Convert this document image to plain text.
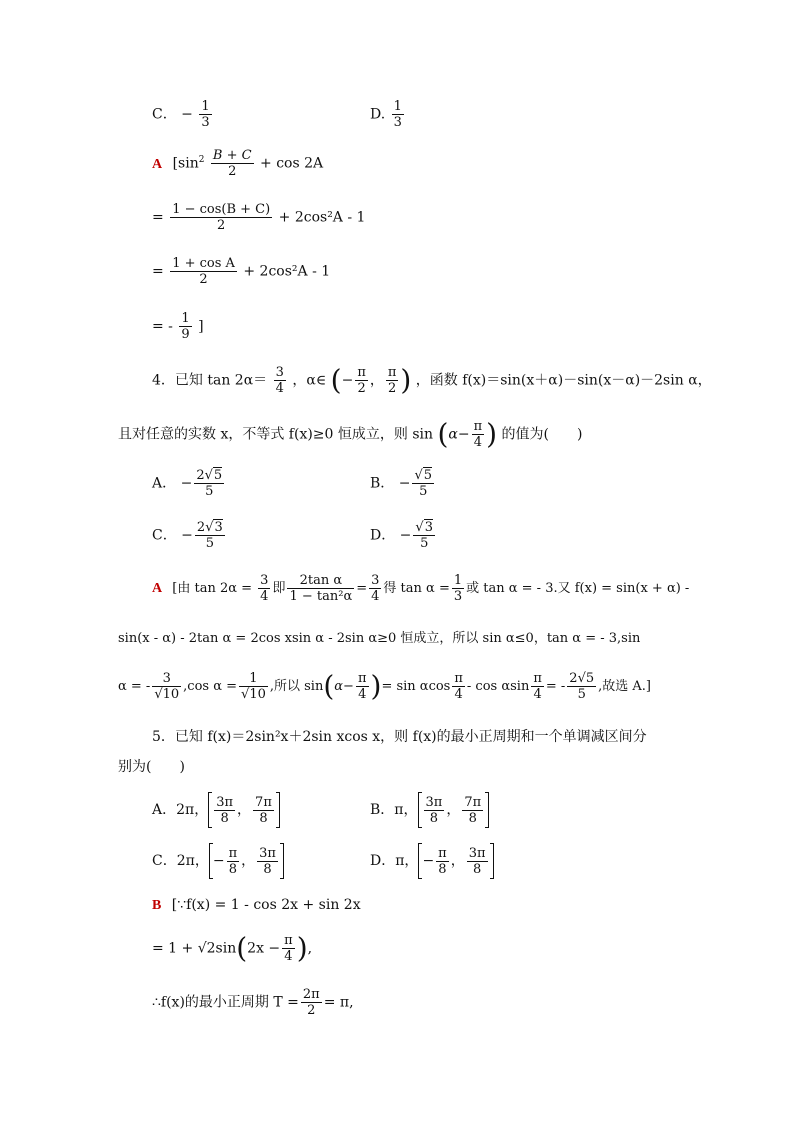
C． − $\frac{1}{3}$	D. $\frac{1}{3}$
A [$\sin^2 \frac{B + C}{2} + \cos 2A$
= $\frac{1 - \cos(B + C)}{2} + 2\cos^2A - 1$
= $\frac{\text{1 + cos A}}{2} + 2\cos^2A - 1$
= - $\frac{1}{9}$ ]
4．已知 $\tan 2\alpha= \frac{3}{4}$ ，α∈ (− $\frac{\pi}{2}$ ， $\frac{\pi}{2}$ ) ，函数 f(x)＝sin(x＋α)－sin(x－α)－2sin α，
且对任意的实数 x，不等式 f(x)≥0 恒成立，则 $\sin (\alpha- \frac{\pi}{4}$ ) 的值为(　　)
A． − $\frac{2√5}{5}$	B． − $\frac{√5}{5}$
C． − $\frac{2√3}{5}$	D． − $\frac{√3}{5}$
A [由 $\tan 2\alpha = \frac{3}{4}$ 即 $\frac{\text{2tan α}}{\text{1 − tan²α}} = \frac{3}{4}$ 得 $\tan \alpha = \frac{1}{3}$ 或 tan α = - 3.又 f(x) = sin(x + α) -
sin(x - α) - 2tan α = 2cos xsin α - 2sin α≥0 恒成立，所以 sin α≤0，tan α = - 3,sin
α = - $\frac{3}{√10} ,\cos$ $\alpha = \frac{1}{√10}$ ,所以 $\sin(\alpha- \frac{\pi}{4}$ )= sin αcos $\frac{\pi}{4}$ - cos αsin $\frac{\pi}{4}$ = - $\frac{2√5}{5}$ ,故选 A.]
5．已知 f(x)＝2sin²x＋2sin xcos x，则 f(x)的最小正周期和一个单调减区间分
别为(　　)
A．2π， $\frac{3\pi}{8}$ ， $\frac{7\pi}{8}$	B．π， $\frac{3\pi}{8}$ ， $\frac{7\pi}{8}$
C．2π， − $\frac{\pi}{8}$ ， $\frac{3\pi}{8}$	D．π， − $\frac{\pi}{8}$ ， $\frac{3\pi}{8}$
B [∵f(x) = 1 - cos 2x + sin 2x
= $1 + √2\sin(2x - \frac{\pi}{4}$ ),
∴f(x)的最小正周期 $T = \frac{2\pi}{2} = \pi$,
